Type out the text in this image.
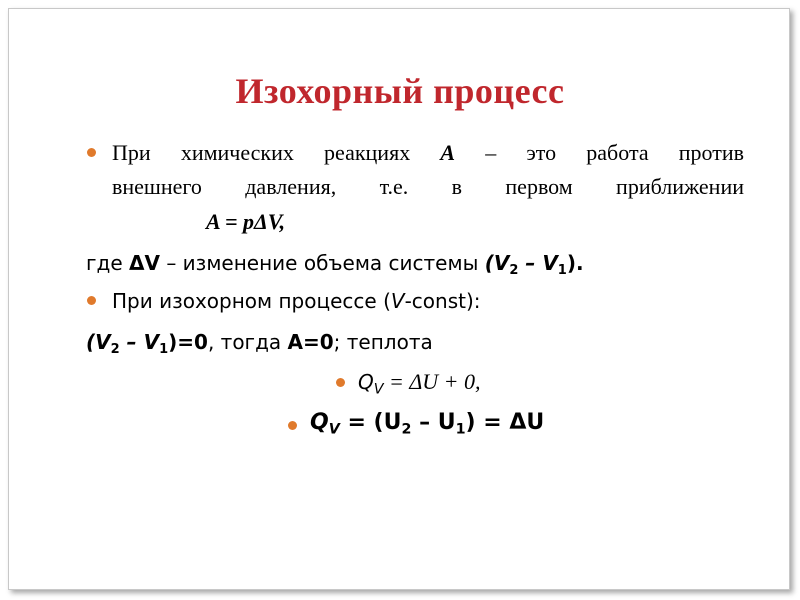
Изохорный процесс
При химических реакциях А – это работа против
внешнего давления, т.е. в первом приближении
A = pΔV,
где ΔV – изменение объема системы $(V_2 - V_1)$.
При изохорном процессе (V-const):
$(V_2 - V_1)=0$, тогда А=0; теплота
$Q_V = \Delta U + 0$,
$Q_V = (U_2 - U_1) = \Delta U$
